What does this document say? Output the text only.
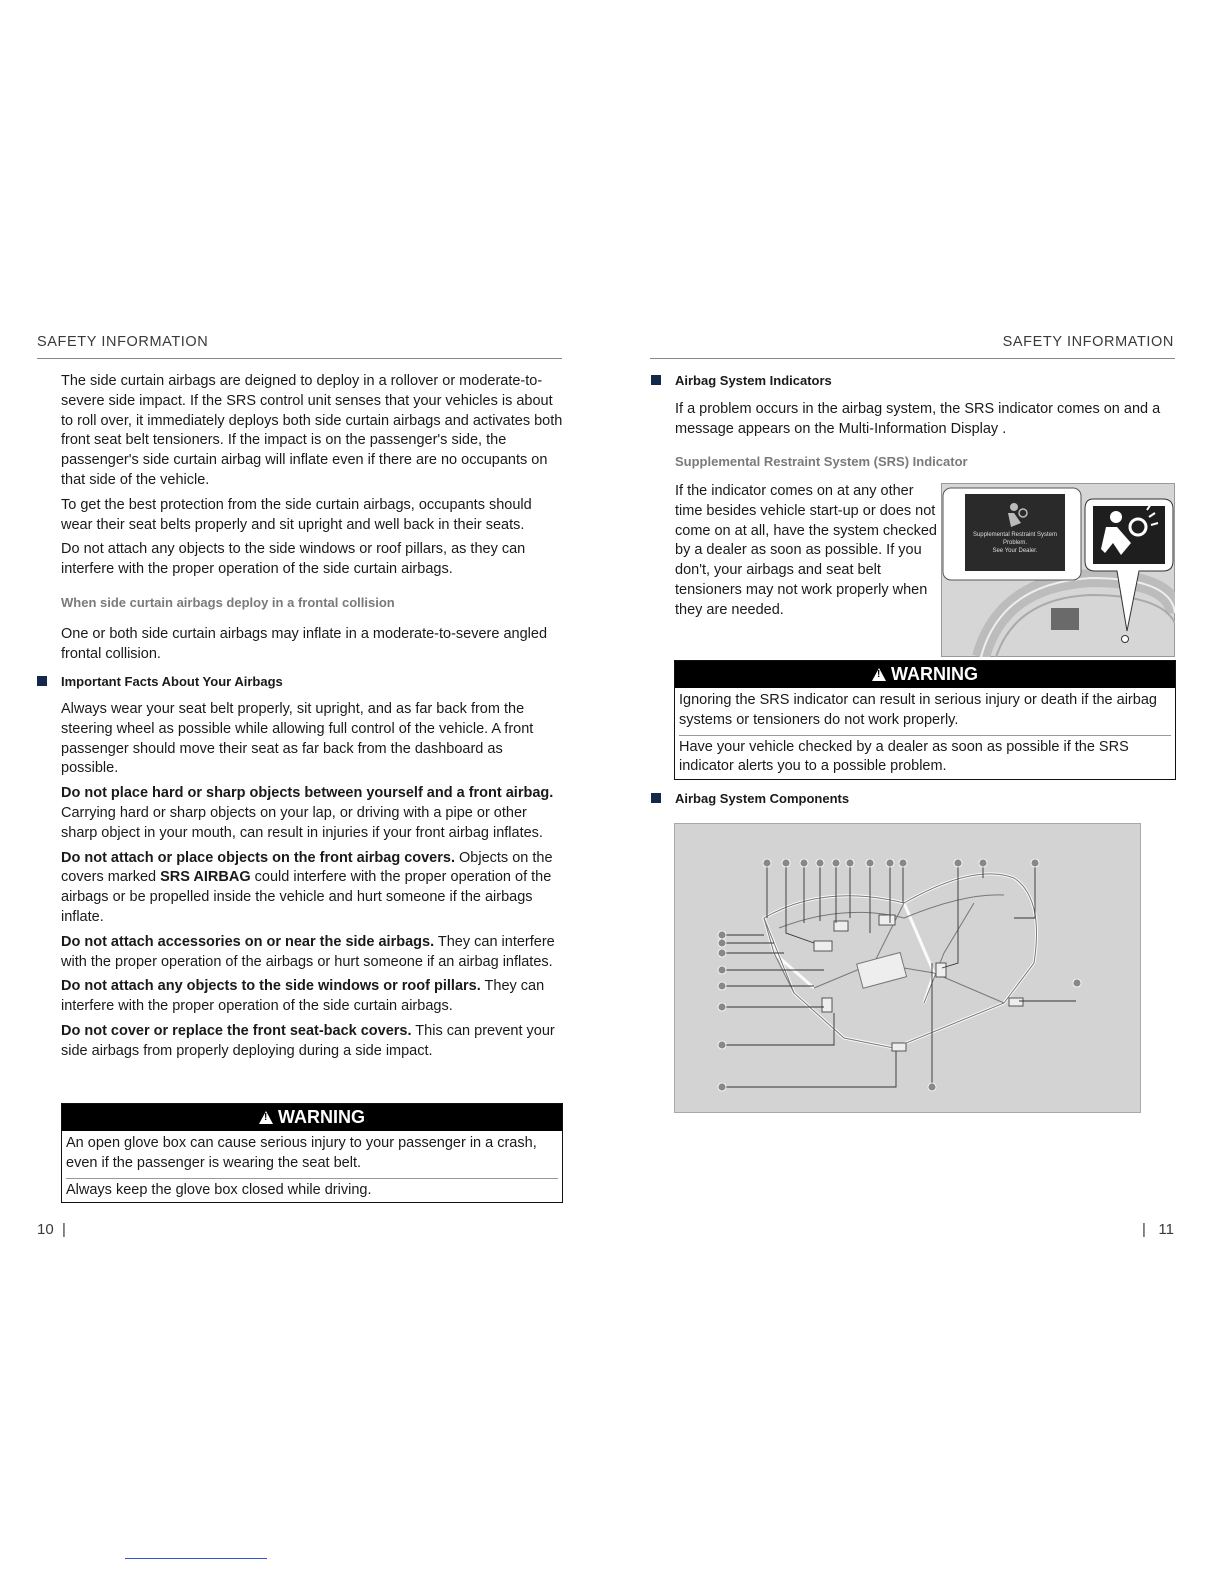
SAFETY INFORMATION

The side curtain airbags are deigned to deploy in a rollover or moderate-to-severe side impact. If the SRS control unit senses that your vehicles is about to roll over, it immediately deploys both side curtain airbags and activates both front seat belt tensioners. If the impact is on the passenger's side, the passenger's side curtain airbag will inflate even if there are no occupants on that side of the vehicle.

To get the best protection from the side curtain airbags, occupants should wear their seat belts properly and sit upright and well back in their seats.

Do not attach any objects to the side windows or roof pillars, as they can interfere with the proper operation of the side curtain airbags.

When side curtain airbags deploy in a frontal collision

One or both side curtain airbags may inflate in a moderate-to-severe angled frontal collision.

Important Facts About Your Airbags

Always wear your seat belt properly, sit upright, and as far back from the steering wheel as possible while allowing full control of the vehicle. A front passenger should move their seat as far back from the dashboard as possible.

Do not place hard or sharp objects between yourself and a front airbag. Carrying hard or sharp objects on your lap, or driving with a pipe or other sharp object in your mouth, can result in injuries if your front airbag inflates.

Do not attach or place objects on the front airbag covers. Objects on the covers marked SRS AIRBAG could interfere with the proper operation of the airbags or be propelled inside the vehicle and hurt someone if the airbags inflate.

Do not attach accessories on or near the side airbags. They can interfere with the proper operation of the airbags or hurt someone if an airbag inflates.

Do not attach any objects to the side windows or roof pillars. They can interfere with the proper operation of the side curtain airbags.

Do not cover or replace the front seat-back covers. This can prevent your side airbags from properly deploying during a side impact.

!WARNING

An open glove box can cause serious injury to your passenger in a crash, even if the passenger is wearing the seat belt.

Always keep the glove box closed while driving.

10  |
SAFETY INFORMATION
Airbag System Indicators

If a problem occurs in the airbag system, the SRS indicator comes on and a message appears on the Multi-Information Display .

Supplemental Restraint System (SRS) Indicator

If the indicator comes on at any other time besides vehicle start-up or does not come on at all, have the system checked by a dealer as soon as possible. If you don't, your airbags and seat belt tensioners may not work properly when they are needed.

Supplemental Restraint System
Problem.
See Your Dealer.
!WARNING

Ignoring the SRS indicator can result in serious injury or death if the airbag systems or tensioners do not work properly.

Have your vehicle checked by a dealer as soon as possible if the SRS indicator alerts you to a possible problem.

Airbag System Components
|   11
